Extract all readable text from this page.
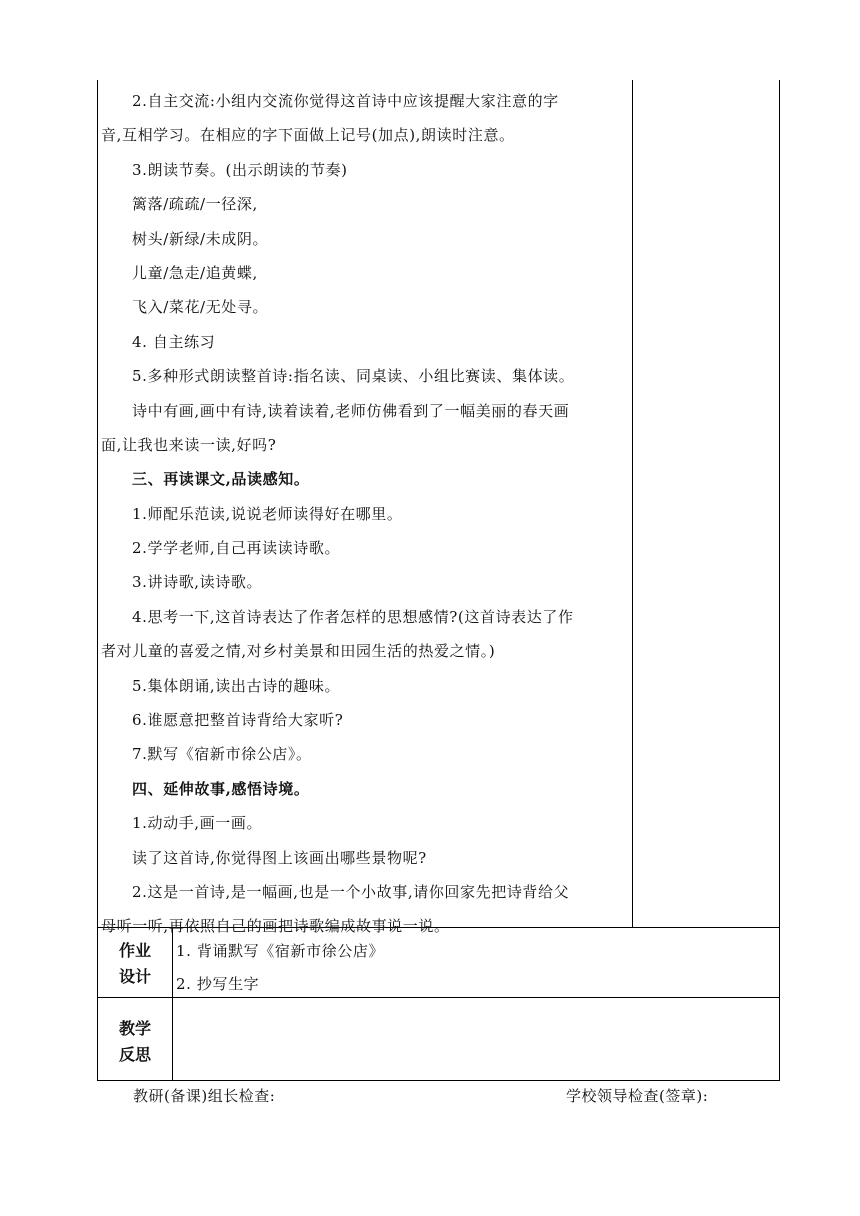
2.自主交流:小组内交流你觉得这首诗中应该提醒大家注意的字

音,互相学习。在相应的字下面做上记号(加点),朗读时注意。

3.朗读节奏。(出示朗读的节奏)

篱落/疏疏/一径深,

树头/新绿/未成阴。

儿童/急走/追黄蝶,

飞入/菜花/无处寻。

4. 自主练习

5.多种形式朗读整首诗:指名读、同桌读、小组比赛读、集体读。

诗中有画,画中有诗,读着读着,老师仿佛看到了一幅美丽的春天画

面,让我也来读一读,好吗?

三、再读课文,品读感知。

1.师配乐范读,说说老师读得好在哪里。

2.学学老师,自己再读读诗歌。

3.讲诗歌,读诗歌。

4.思考一下,这首诗表达了作者怎样的思想感情?(这首诗表达了作

者对儿童的喜爱之情,对乡村美景和田园生活的热爱之情。)

5.集体朗诵,读出古诗的趣味。

6.谁愿意把整首诗背给大家听?

7.默写《宿新市徐公店》。

四、延伸故事,感悟诗境。

1.动动手,画一画。

读了这首诗,你觉得图上该画出哪些景物呢?

2.这是一首诗,是一幅画,也是一个小故事,请你回家先把诗背给父

母听一听,再依照自己的画把诗歌编成故事说一说。

作业
设计
1. 背诵默写《宿新市徐公店》
2. 抄写生字
教学
反思
教研(备课)组长检查:	学校领导检查(签章):
